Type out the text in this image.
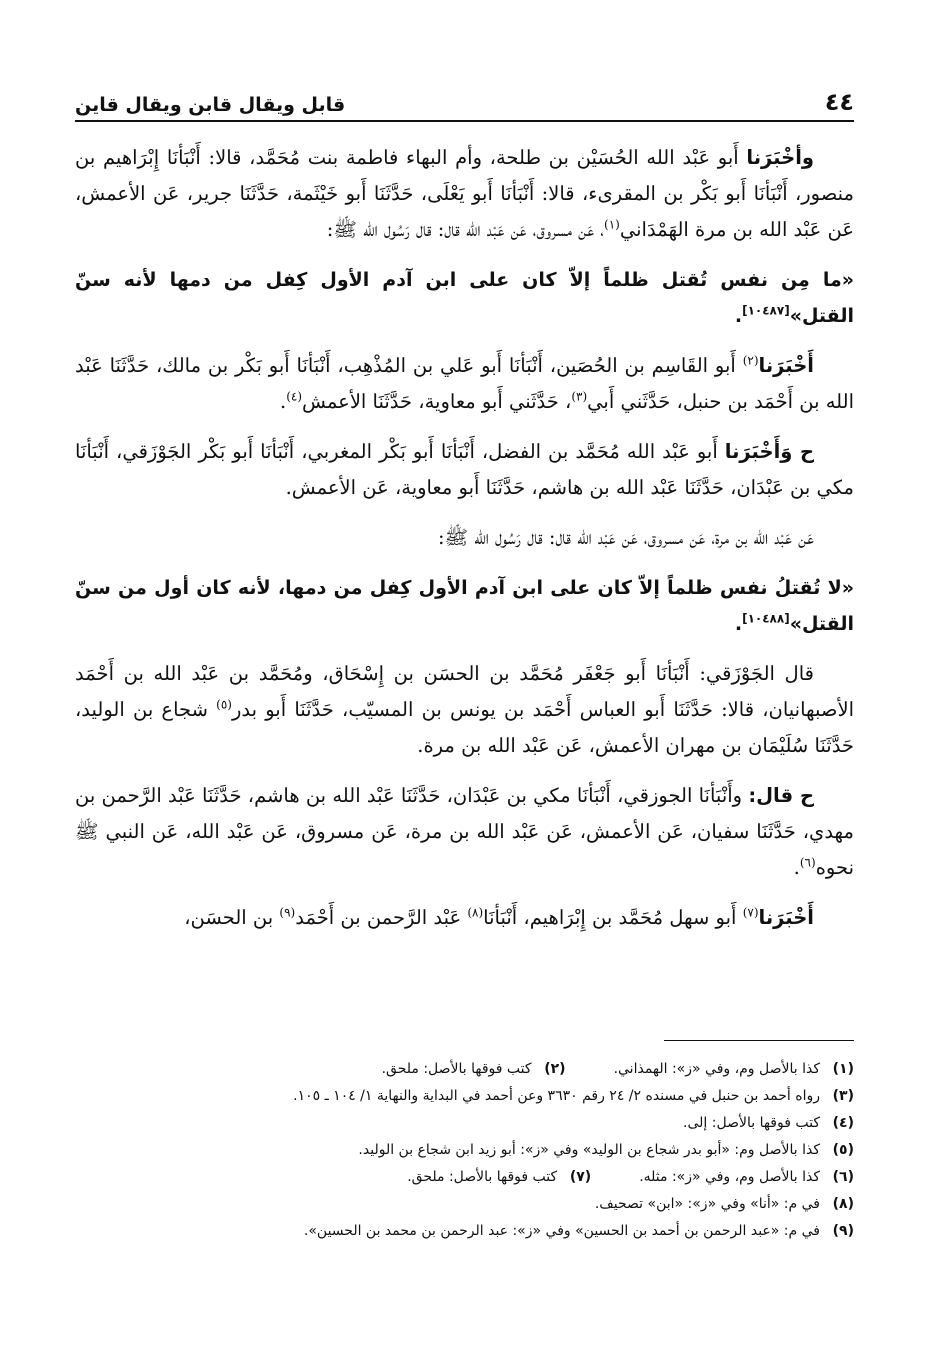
٤٤
قابل ويقال قابن ويقال قاين

وأخْبَرَنا أَبو عَبْد الله الحُسَيْن بن طلحة، وأم البهاء فاطمة بنت مُحَمَّد، قالا: أَنْبَأنَا إِبْرَاهيم بن منصور، أَنْبَأنَا أَبو بَكْر بن المقرىء، قالا: أَنْبَأنَا أَبو يَعْلَى، حَدَّثَنَا أَبو خَيْثَمة، حَدَّثَنَا جرير، عَن الأعمش، عَن عَبْد الله بن مرة الهَمْدَاني$^{(١)}$، عَن مسروق، عَن عَبْد الله قال: قال رَسُول الله ﷺ:

«ما مِن نفس تُقتل ظلماً إلاّ كان على ابن آدم الأول كِفل من دمها لأنه سنّ القتل»[١٠٤٨٧].

أَخْبَرَنا$^{(٢)}$ أَبو القَاسِم بن الحُصَين، أَنْبَأنَا أَبو عَلي بن المُذْهِب، أَنْبَأنَا أَبو بَكْر بن مالك، حَدَّثَنَا عَبْد الله بن أَحْمَد بن حنبل، حَدَّثَني أَبي$^{(٣)}$، حَدَّثَني أَبو معاوية، حَدَّثَنَا الأعمش$^{(٤)}$.

ح وَأَخْبَرَنا أَبو عَبْد الله مُحَمَّد بن الفضل، أَنْبَأنَا أَبو بَكْر المغربي، أَنْبَأنَا أَبو بَكْر الجَوْزَقي، أَنْبَأنَا مكي بن عَبْدَان، حَدَّثَنَا عَبْد الله بن هاشم، حَدَّثَنَا أَبو معاوية، عَن الأعمش.

عَن عَبْد الله بن مرة، عَن مسروق، عَن عَبْد الله قال: قال رَسُول الله ﷺ:

«لا تُقتلُ نفس ظلماً إلاّ كان على ابن آدم الأول كِفل من دمها، لأنه كان أول من سنّ القتل»[١٠٤٨٨].

قال الجَوْزَقي: أَنْبَأنَا أَبو جَعْفَر مُحَمَّد بن الحسَن بن إِسْحَاق، ومُحَمَّد بن عَبْد الله بن أَحْمَد الأصبهانيان، قالا: حَدَّثَنَا أَبو العباس أَحْمَد بن يونس بن المسيّب، حَدَّثَنَا أَبو بدر$^{(٥)}$ شجاع بن الوليد، حَدَّثَنَا سُلَيْمَان بن مهران الأعمش، عَن عَبْد الله بن مرة.

ح قال: وأَنْبَأنَا الجوزقي، أَنْبَأنَا مكي بن عَبْدَان، حَدَّثَنَا عَبْد الله بن هاشم، حَدَّثَنَا عَبْد الرَّحمن بن مهدي، حَدَّثَنَا سفيان، عَن الأعمش، عَن عَبْد الله بن مرة، عَن مسروق، عَن عَبْد الله، عَن النبي ﷺ نحوه$^{(٦)}$.

أَخْبَرَنا$^{(٧)}$ أَبو سهل مُحَمَّد بن إِبْرَاهيم، أَنْبَأنَا$^{(٨)}$ عَبْد الرَّحمن بن أَحْمَد$^{(٩)}$ بن الحسَن،

(١)
كذا بالأصل وم، وفي «ز»: الهمذاني.
(٢)
كتب فوقها بالأصل: ملحق.
(٣)
رواه أحمد بن حنبل في مسنده ٢/ ٢٤ رقم ٣٦٣٠ وعن أحمد في البداية والنهاية ١/ ١٠٤ ـ ١٠٥.
(٤)
كتب فوقها بالأصل: إلى.
(٥)
كذا بالأصل وم: «أبو بدر شجاع بن الوليد» وفي «ز»: أبو زيد ابن شجاع بن الوليد.
(٦)
كذا بالأصل وم، وفي «ز»: مثله.
(٧)
كتب فوقها بالأصل: ملحق.
(٨)
في م: «أنا» وفي «ز»: «ابن» تصحيف.
(٩)
في م: «عبد الرحمن بن أحمد بن الحسين» وفي «ز»: عبد الرحمن بن محمد بن الحسين».
